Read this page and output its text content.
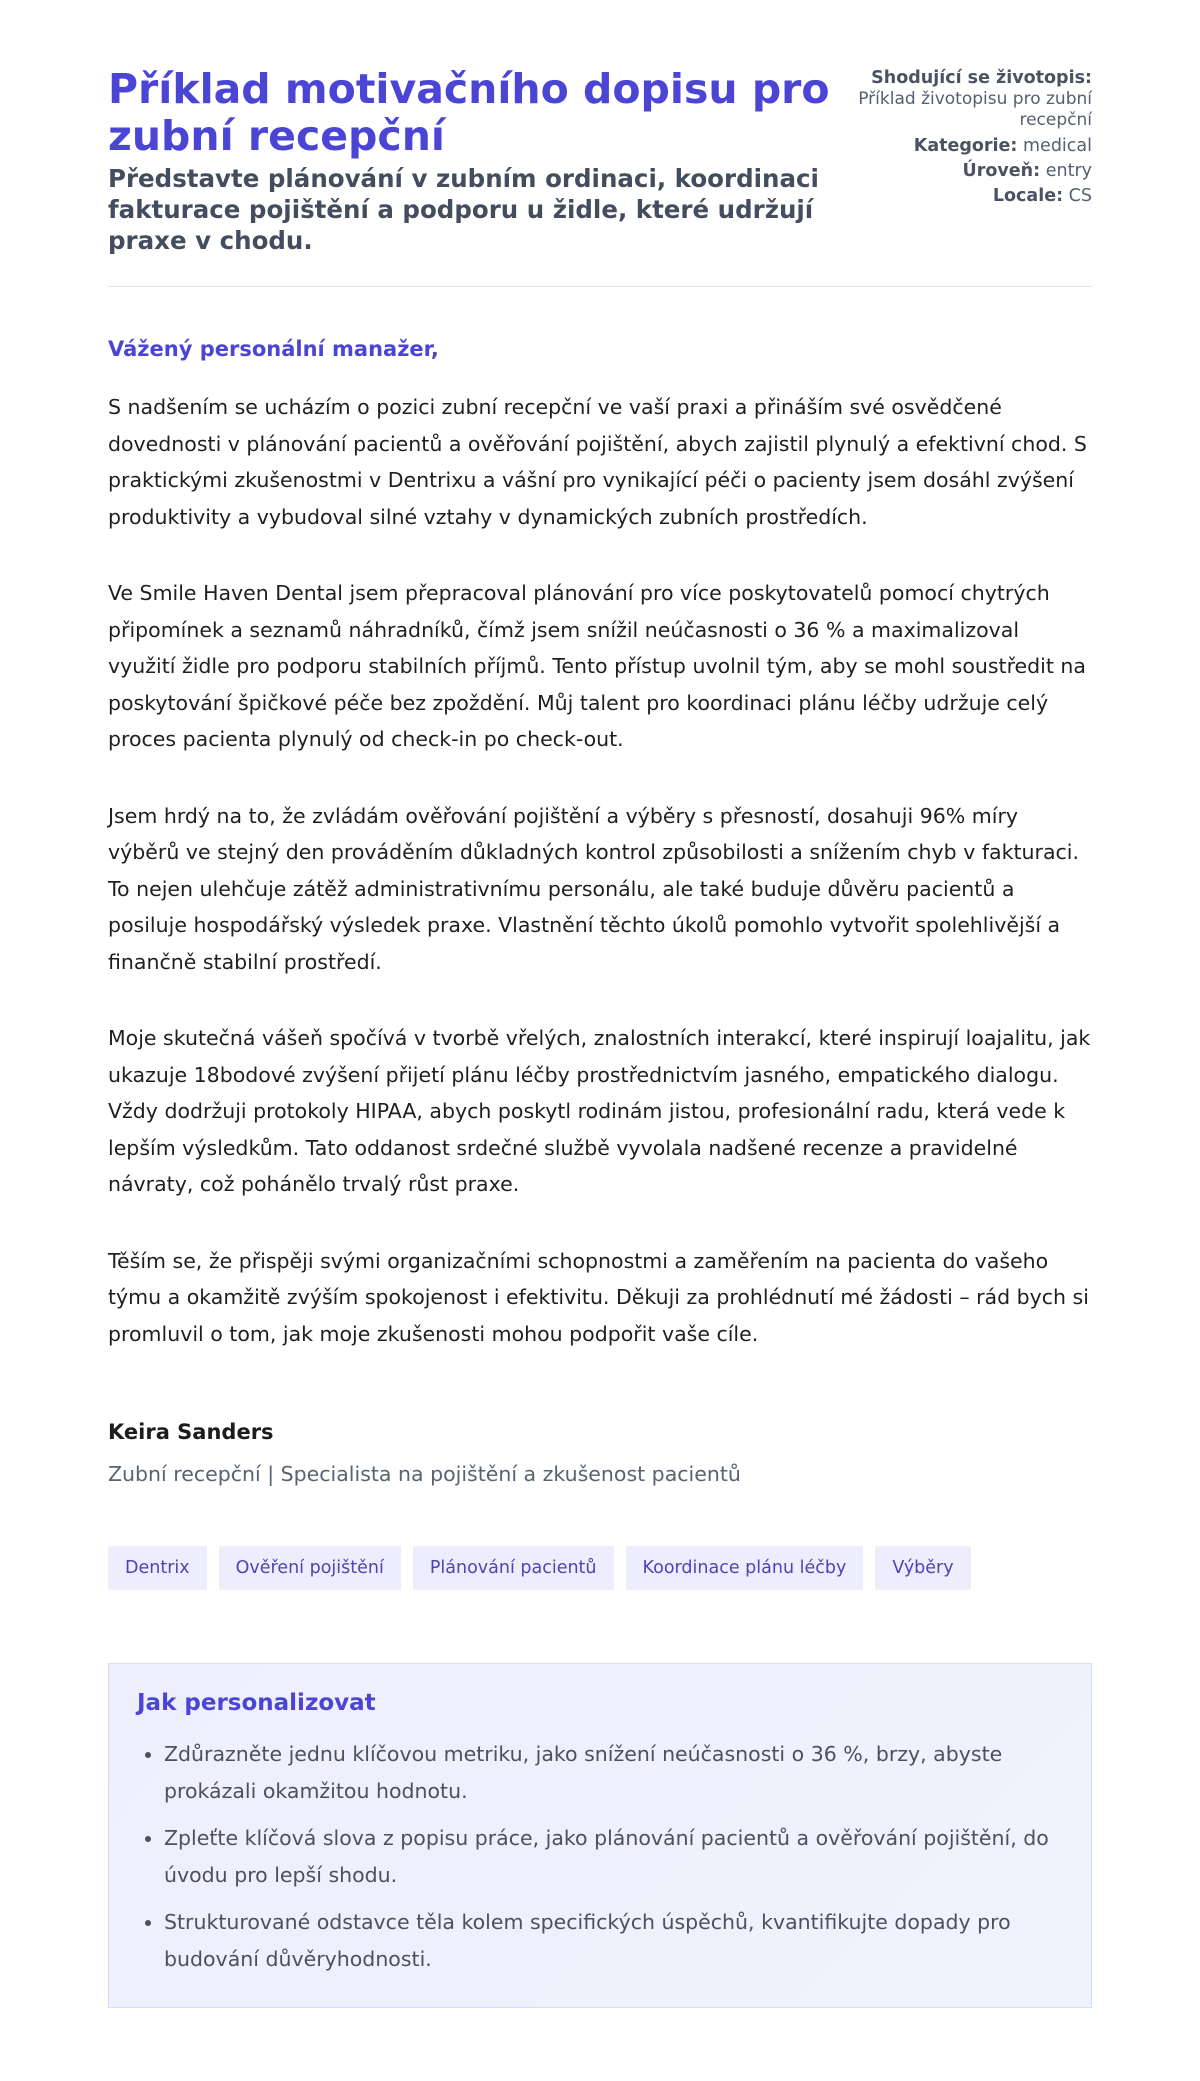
Příklad motivačního dopisu pro zubní recepční

Představte plánování v zubním ordinaci, koordinaci fakturace pojištění a podporu u židle, které udržují praxe v chodu.

Shodující se životopis:
Příklad životopisu pro zubní recepční
Kategorie: medical
Úroveň: entry
Locale: CS

Vážený personální manažer,

S nadšením se ucházím o pozici zubní recepční ve vaší praxi a přináším své osvědčené dovednosti v plánování pacientů a ověřování pojištění, abych zajistil plynulý a efektivní chod. S praktickými zkušenostmi v Dentrixu a vášní pro vynikající péči o pacienty jsem dosáhl zvýšení produktivity a vybudoval silné vztahy v dynamických zubních prostředích.

Ve Smile Haven Dental jsem přepracoval plánování pro více poskytovatelů pomocí chytrých připomínek a seznamů náhradníků, čímž jsem snížil neúčasnosti o 36 % a maximalizoval využití židle pro podporu stabilních příjmů. Tento přístup uvolnil tým, aby se mohl soustředit na poskytování špičkové péče bez zpoždění. Můj talent pro koordinaci plánu léčby udržuje celý proces pacienta plynulý od check-in po check-out.

Jsem hrdý na to, že zvládám ověřování pojištění a výběry s přesností, dosahuji 96% míry výběrů ve stejný den prováděním důkladných kontrol způsobilosti a snížením chyb v fakturaci. To nejen ulehčuje zátěž administrativnímu personálu, ale také buduje důvěru pacientů a posiluje hospodářský výsledek praxe. Vlastnění těchto úkolů pomohlo vytvořit spolehlivější a finančně stabilní prostředí.

Moje skutečná vášeň spočívá v tvorbě vřelých, znalostních interakcí, které inspirují loajalitu, jak ukazuje 18bodové zvýšení přijetí plánu léčby prostřednictvím jasného, empatického dialogu. Vždy dodržuji protokoly HIPAA, abych poskytl rodinám jistou, profesionální radu, která vede k lepším výsledkům. Tato oddanost srdečné službě vyvolala nadšené recenze a pravidelné návraty, což pohánělo trvalý růst praxe.

Těším se, že přispěji svými organizačními schopnostmi a zaměřením na pacienta do vašeho týmu a okamžitě zvýším spokojenost i efektivitu. Děkuji za prohlédnutí mé žádosti – rád bych si promluvil o tom, jak moje zkušenosti mohou podpořit vaše cíle.

Keira Sanders
Zubní recepční | Specialista na pojištění a zkušenost pacientů
Dentrix	Ověření pojištění	Plánování pacientů	Koordinace plánu léčby	Výběry
Jak personalizovat
• Zdůrazněte jednu klíčovou metriku, jako snížení neúčasnosti o 36 %, brzy, abyste prokázali okamžitou hodnotu.
• Zpleťte klíčová slova z popisu práce, jako plánování pacientů a ověřování pojištění, do úvodu pro lepší shodu.
• Strukturované odstavce těla kolem specifických úspěchů, kvantifikujte dopady pro budování důvěryhodnosti.
